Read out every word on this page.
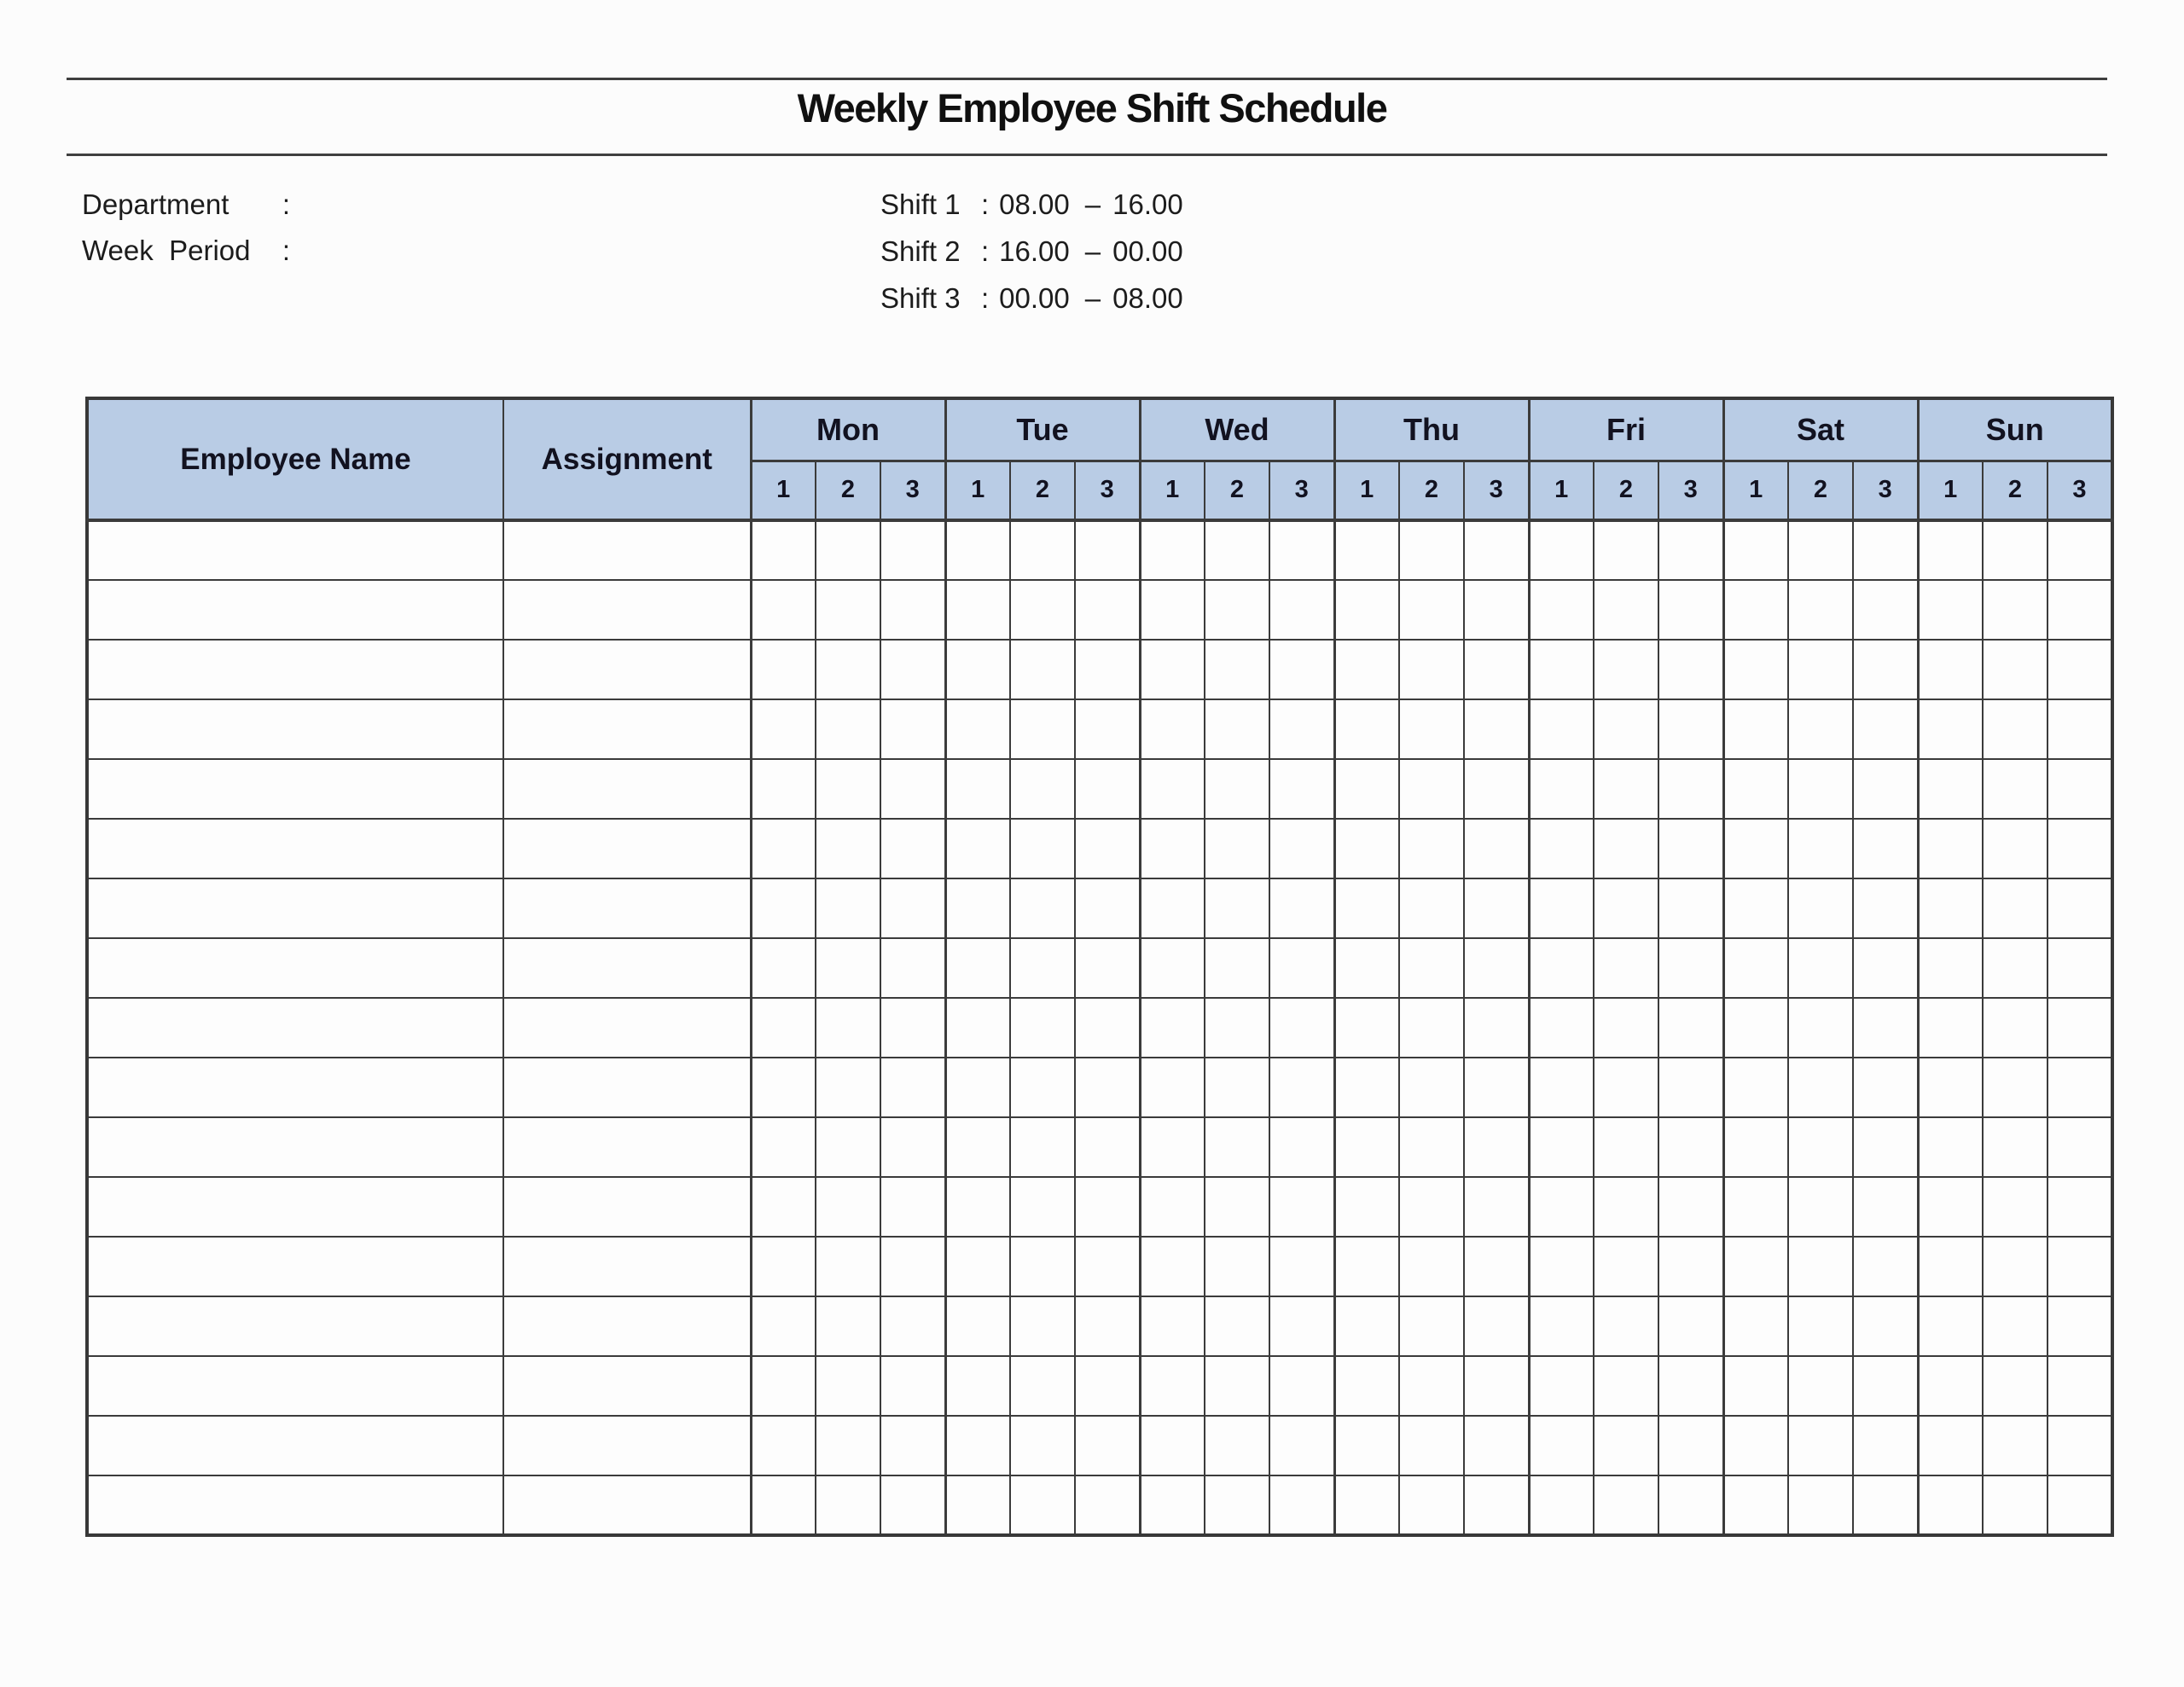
Weekly Employee Shift Schedule
Department :
Week  Period :
Shift 1 : 08.00 – 16.00
Shift 2 : 16.00 – 00.00
Shift 3 : 00.00 – 08.00
Employee Name	Assignment	Mon			Tue			Wed			Thu			Fri			Sat			Sun		
		1	2	3	1	2	3	1	2	3	1	2	3	1	2	3	1	2	3	1	2	3
